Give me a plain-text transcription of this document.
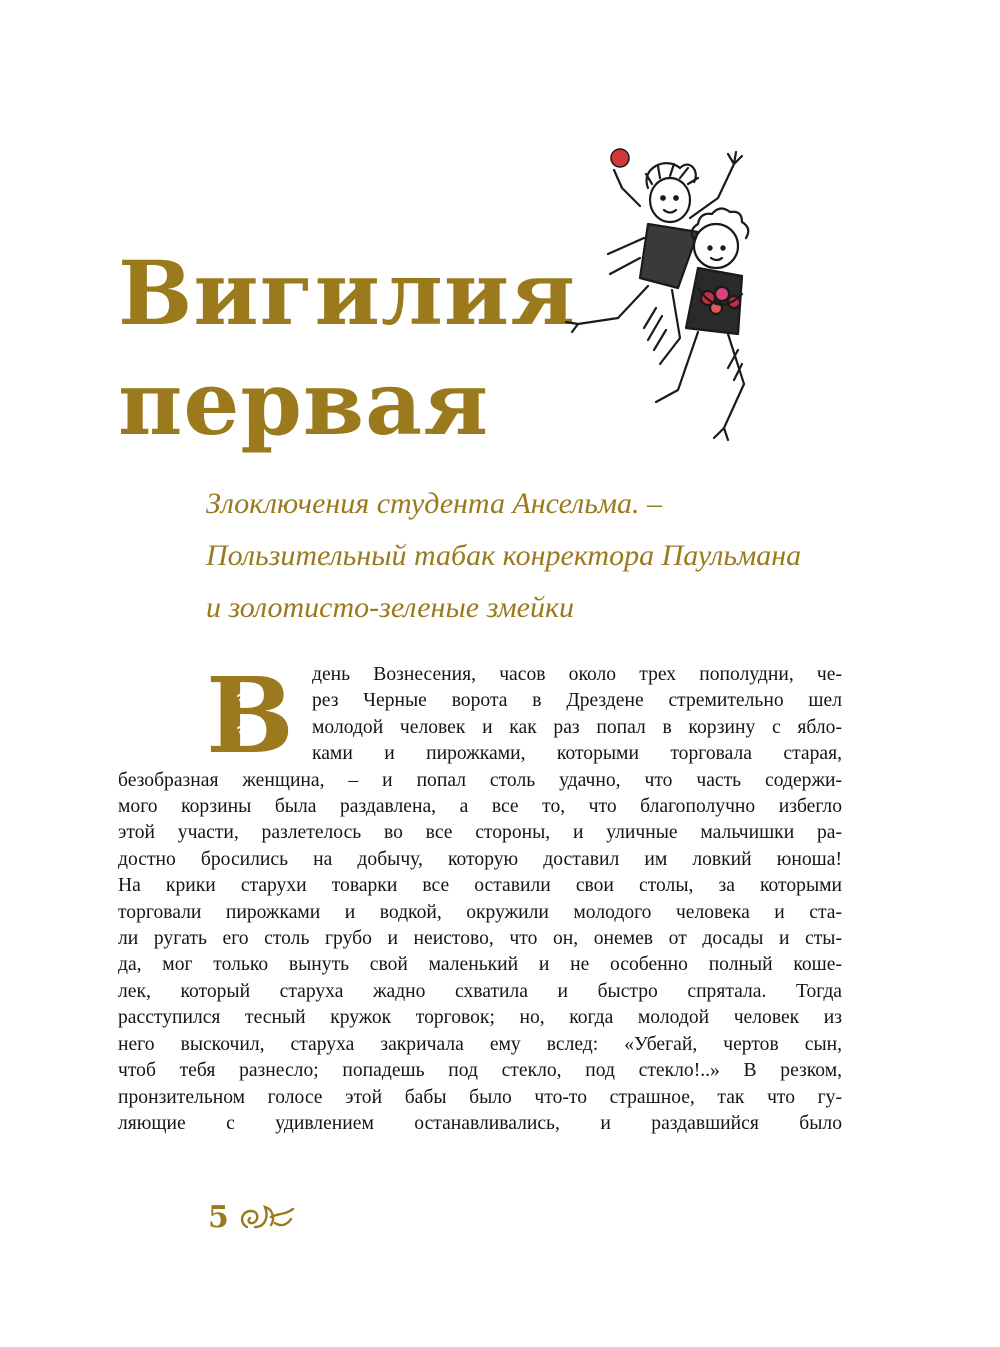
Вигилия
первая
Злоключения студента Ансельма. –
Пользительный табак конректора Паульмана
и золотисто-зеленые змейки
В день Вознесения, часов около трех пополудни, че-
рез Черные ворота в Дрездене стремительно шел
молодой человек и как раз попал в корзину с ябло-
ками и пирожками, которыми торговала старая,
безобразная женщина, – и попал столь удачно, что часть содержи-
мого корзины была раздавлена, а все то, что благополучно избегло
этой участи, разлетелось во все стороны, и уличные мальчишки ра-
достно бросились на добычу, которую доставил им ловкий юноша!
На крики старухи товарки все оставили свои столы, за которыми
торговали пирожками и водкой, окружили молодого человека и ста-
ли ругать его столь грубо и неистово, что он, онемев от досады и сты-
да, мог только вынуть свой маленький и не особенно полный коше-
лек, который старуха жадно схватила и быстро спрятала. Тогда
расступился тесный кружок торговок; но, когда молодой человек из
него выскочил, старуха закричала ему вслед: «Убегай, чертов сын,
чтоб тебя разнесло; попадешь под стекло, под стекло!..» В резком,
пронзительном голосе этой бабы было что-то страшное, так что гу-
ляющие с удивлением останавливались, и раздавшийся было
5
